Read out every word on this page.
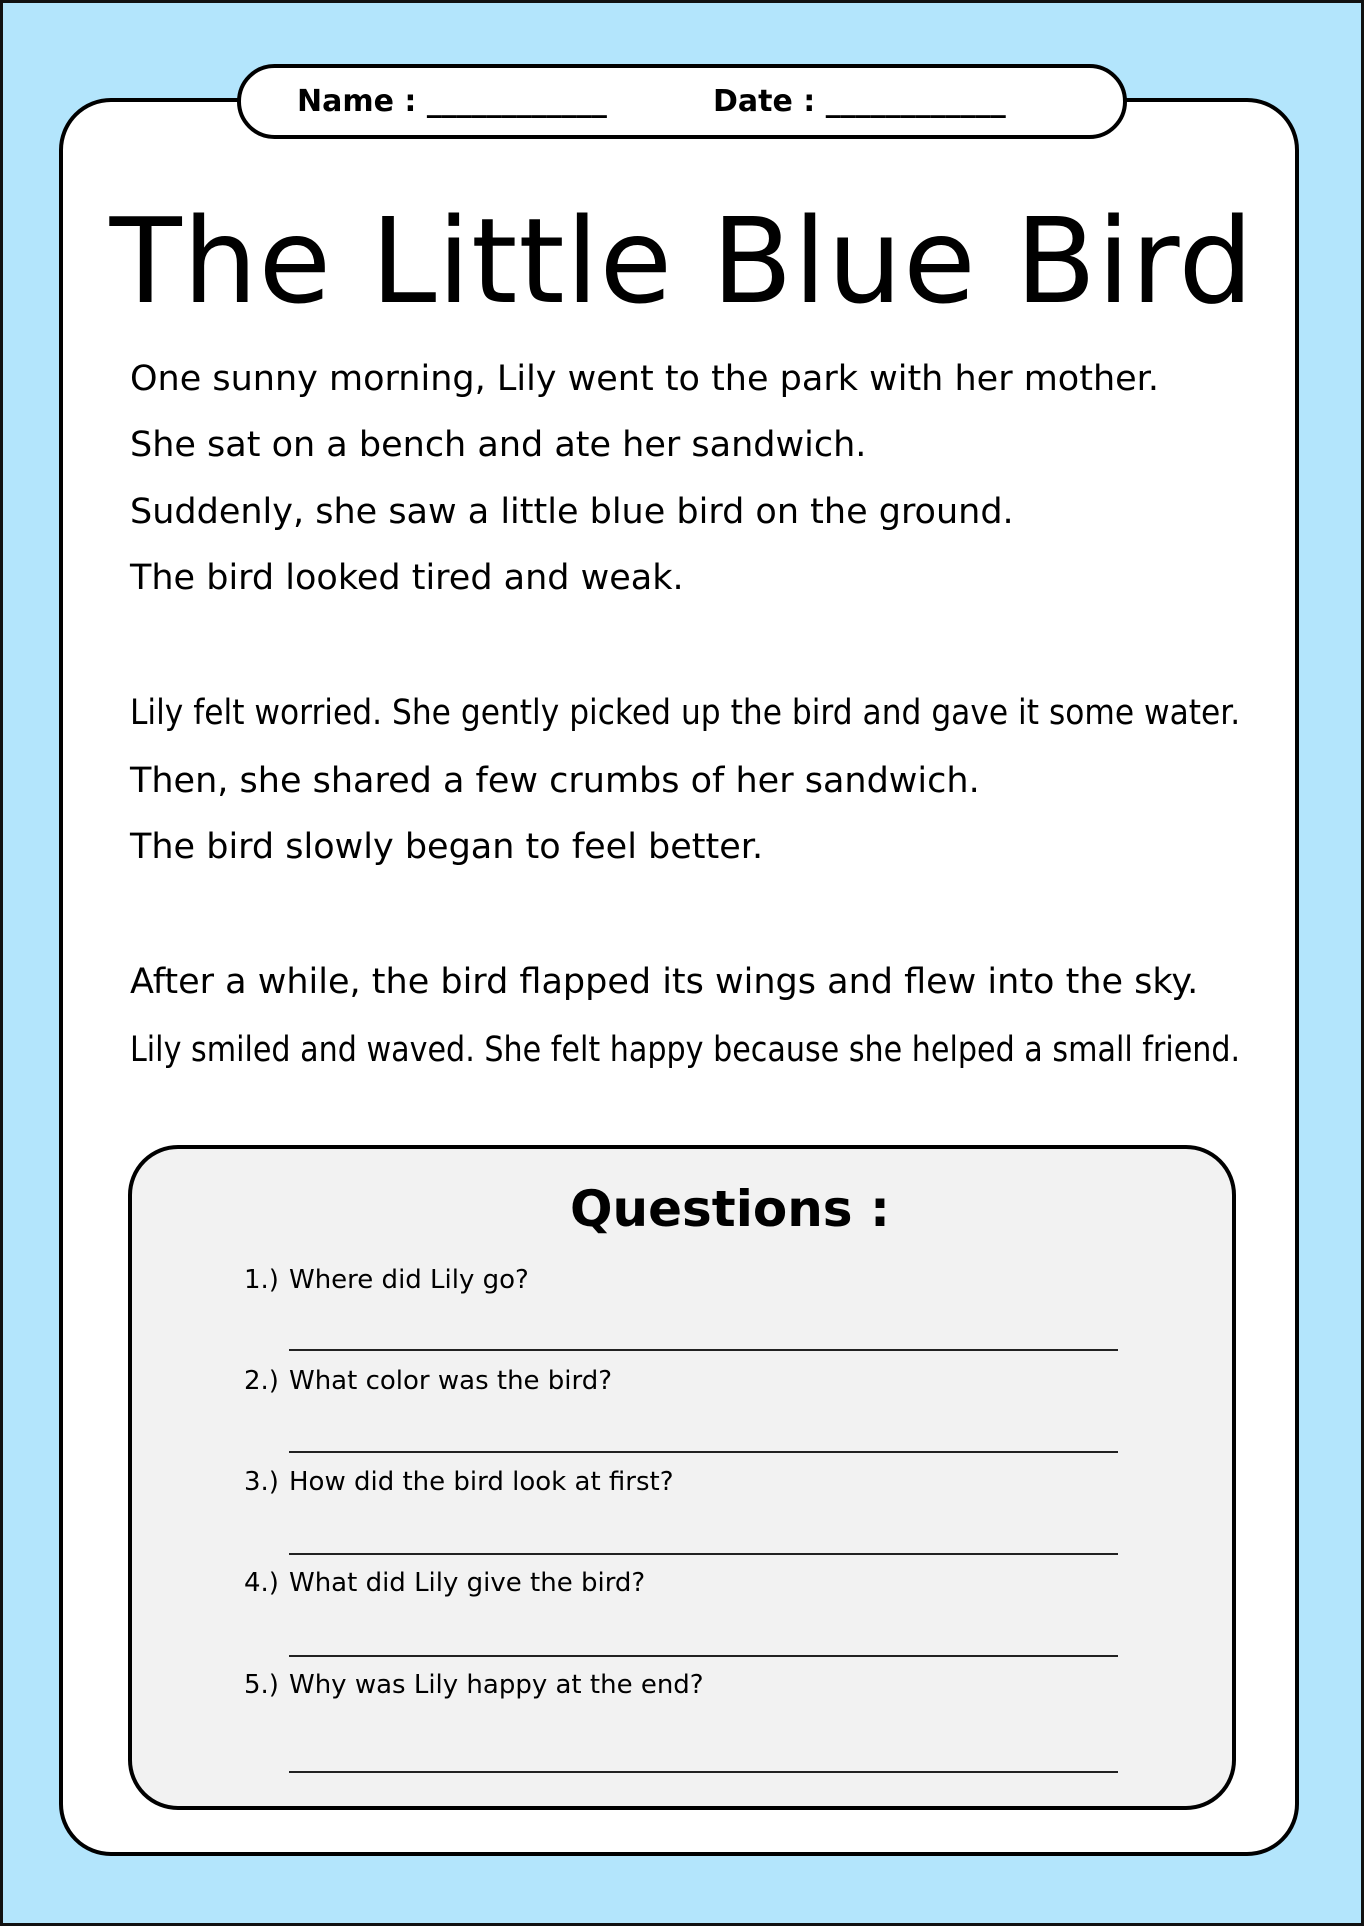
Name : ____________	Date : ____________
The Little Blue Bird
One sunny morning, Lily went to the park with her mother.
She sat on a bench and ate her sandwich.
Suddenly, she saw a little blue bird on the ground.
The bird looked tired and weak.
Lily felt worried. She gently picked up the bird and gave it some water.
Then, she shared a few crumbs of her sandwich.
The bird slowly began to feel better.
After a while, the bird flapped its wings and flew into the sky.
Lily smiled and waved. She felt happy because she helped a small friend.
Questions :
1.) Where did Lily go?
2.) What color was the bird?
3.) How did the bird look at first?
4.) What did Lily give the bird?
5.) Why was Lily happy at the end?
